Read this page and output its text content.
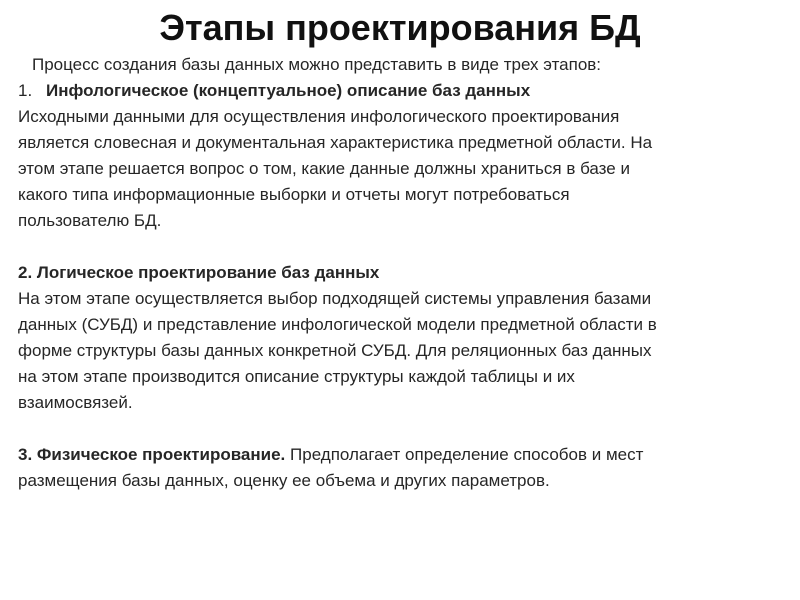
Этапы проектирования БД

Процесс создания базы данных можно представить в виде трех этапов:

1. Инфологическое (концептуальное) описание баз данных

Исходными данными для осуществления инфологического проектирования

является словесная и документальная характеристика предметной области. На

этом этапе решается вопрос о том, какие данные должны храниться в базе и

какого типа информационные выборки и отчеты могут потребоваться

пользователю БД.

2. Логическое проектирование баз данных

На этом этапе осуществляется выбор подходящей системы управления базами

данных (СУБД) и представление инфологической модели предметной области в

форме структуры базы данных конкретной СУБД. Для реляционных баз данных

на этом этапе производится описание структуры каждой таблицы и их

взаимосвязей.

3. Физическое проектирование. Предполагает определение способов и мест

размещения базы данных, оценку ее объема и других параметров.
